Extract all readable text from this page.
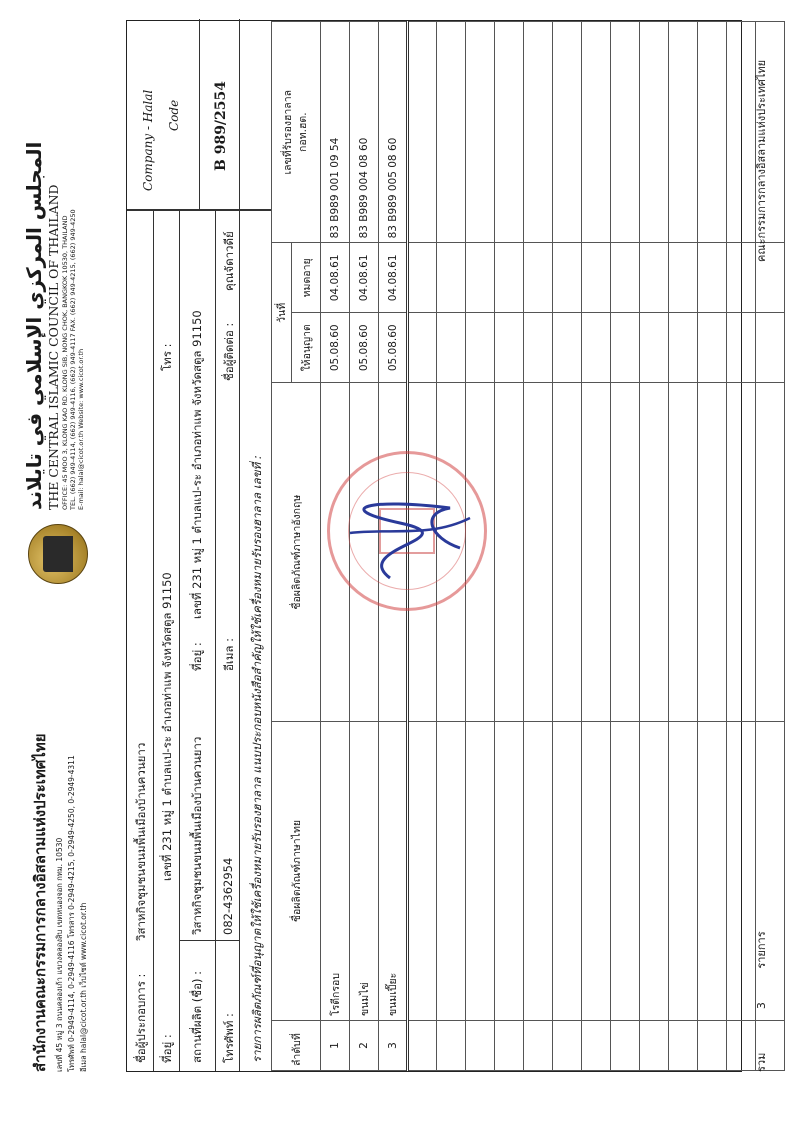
สำนักงานคณะกรรมการกลางอิสลามแห่งประเทศไทย เลขที่ 45 หมู่ 3 ถนนคลองเก้า แขวงคลองสิบ เขตหนองจอก กทม. 10530 โทรศัพท์ 0-2949-4114, 0-2949-4116 โทรสาร 0-2949-4215, 0-2949-4250, 0-2949-4311 อีเมล halal@cicot.or.th เว็บไซต์ www.cicot.or.th
المجلس المركزي الإسلامي في تايلاند THE CENTRAL ISLAMIC COUNCIL OF THAILAND OFFICE: 45 MOO 3, KLONG KAO RD. KLONG SIB, NONG CHOK, BANGKOK 10530, THAILAND TEL. (662) 949-4114, (662) 949-4116, (662) 949-4117 FAX. (662) 949-4215, (662) 949-4250 E-mail: halal@cicot.or.th Website: www.cicot.or.th
ชื่อผู้ประกอบการ :
วิสาหกิจชุมชนขนมพื้นเมืองบ้านควนยาว
ที่อยู่ :
เลขที่ 231 หมู่ 1 ตำบลแป-ระ อำเภอท่าแพ จังหวัดสตูล 91150
โทร :
สถานที่ผลิต (ชื่อ) :
วิสาหกิจชุมชนขนมพื้นเมืองบ้านควนยาว
ที่อยู่ :
เลขที่ 231 หมู่ 1 ตำบลแป-ระ อำเภอท่าแพ จังหวัดสตูล 91150
โทรศัพท์ :
082-4362954
อีเมล :
ชื่อผู้ติดต่อ :
คุณจัดาวดีย์
Company - Halal Code B 989/2554
รายการผลิตภัณฑ์ที่อนุญาตให้ใช้เครื่องหมายรับรองฮาลาล แนบประกอบหนังสือสำคัญให้ใช้เครื่องหมายรับรองฮาลาล เลขที่ :	ลำดับที่	ชื่อผลิตภัณฑ์ภาษาไทย	ชื่อผลิตภัณฑ์ภาษาอังกฤษ	วันที่		เลขที่รับรองฮาลาล กอท.ฮต.

			ให้อนุญาต	หมดอายุ	
1	โรตีกรอบ		05.08.60	04.08.61	83 B989 001 09 54
2	ขนมไข่		05.08.60	04.08.61	83 B989 004 08 60
3	ขนมเปี๊ยะ		05.08.60	04.08.61	83 B989 005 08 60

รวม 3 รายการ
คณะกรรมการกลางอิสลามแห่งประเทศไทย
